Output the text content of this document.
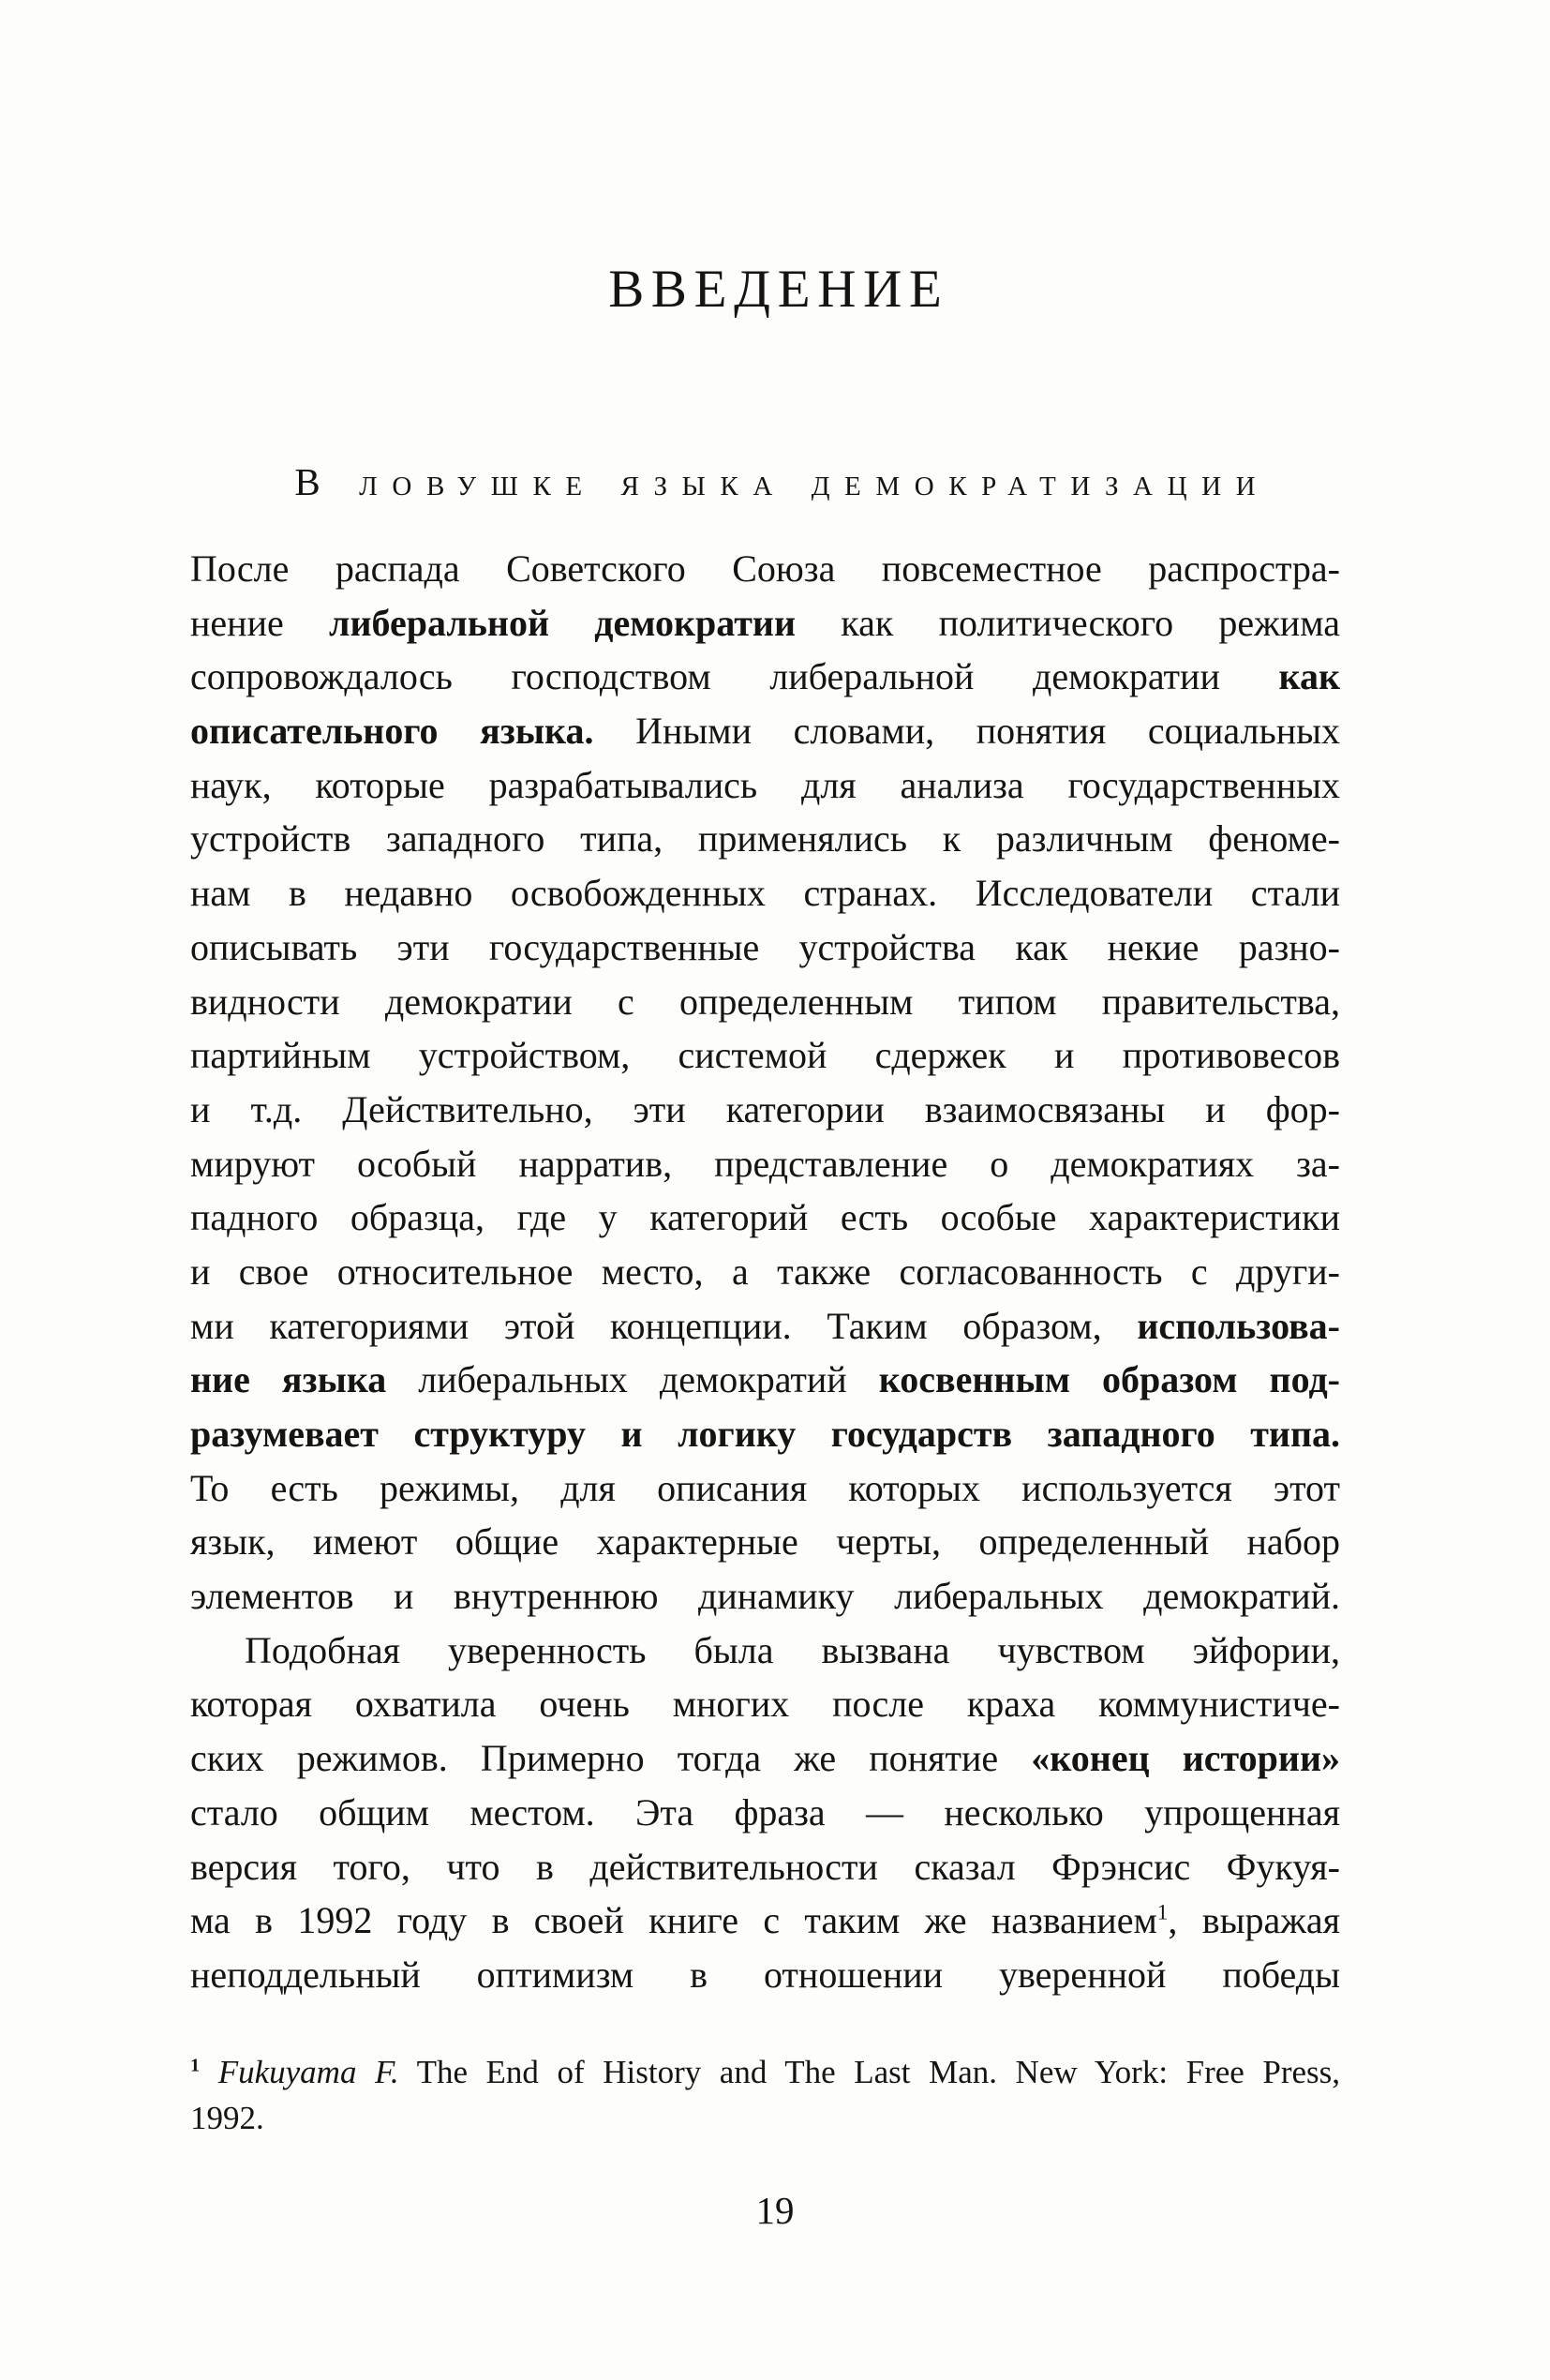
ВВЕДЕНИЕ
В ловушке языка демократизации
После распада Советского Союза повсеместное распростра-
нение либеральной демократии как политического режима
сопровождалось господством либеральной демократии как
описательного языка. Иными словами, понятия социальных
наук, которые разрабатывались для анализа государственных
устройств западного типа, применялись к различным феноме-
нам в недавно освобожденных странах. Исследователи стали
описывать эти государственные устройства как некие разно-
видности демократии с определенным типом правительства,
партийным устройством, системой сдержек и противовесов
и т.д. Действительно, эти категории взаимосвязаны и фор-
мируют особый нарратив, представление о демократиях за-
падного образца, где у категорий есть особые характеристики
и свое относительное место, а также согласованность с други-
ми категориями этой концепции. Таким образом, использова-
ние языка либеральных демократий косвенным образом под-
разумевает структуру и логику государств западного типа.
То есть режимы, для описания которых используется этот
язык, имеют общие характерные черты, определенный набор
элементов и внутреннюю динамику либеральных демократий.
Подобная уверенность была вызвана чувством эйфории,
которая охватила очень многих после краха коммунистиче-
ских режимов. Примерно тогда же понятие «конец истории»
стало общим местом. Эта фраза — несколько упрощенная
версия того, что в действительности сказал Фрэнсис Фукуя-
ма в 1992 году в своей книге с таким же названием$^1$, выражая
неподдельный оптимизм в отношении уверенной победы
$^1$ Fukuyama F. The End of History and The Last Man. New York: Free Press,
1992.
19
